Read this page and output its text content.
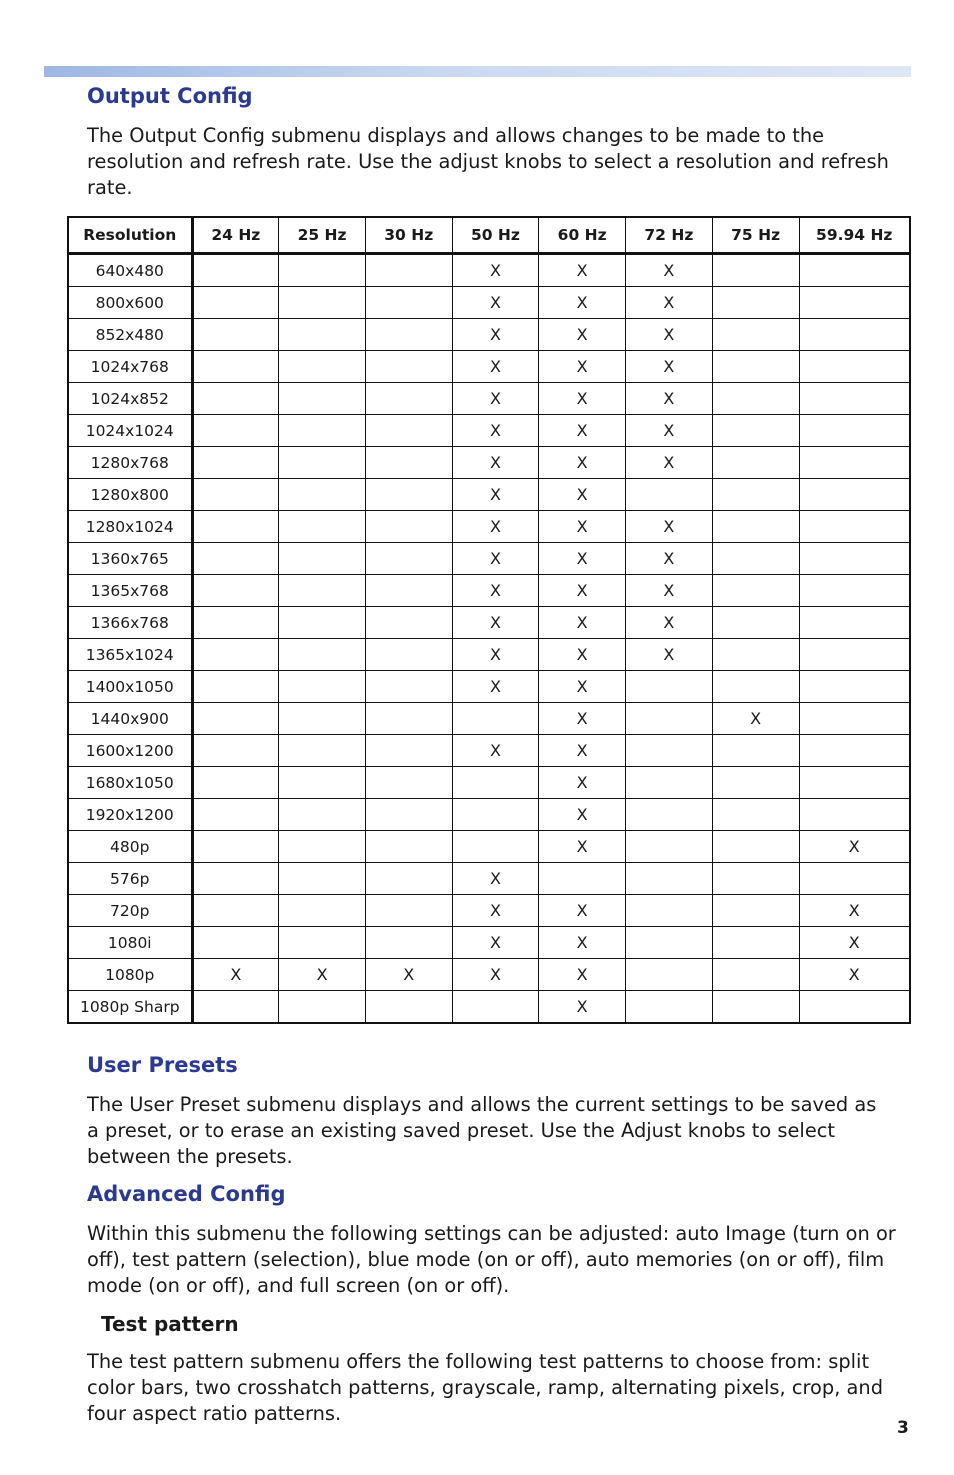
Output Config
The Output Config submenu displays and allows changes to be made to the resolution and refresh rate. Use the adjust knobs to select a resolution and refresh rate.
Resolution	24 Hz	25 Hz	30 Hz	50 Hz	60 Hz	72 Hz	75 Hz	59.94 Hz
640x480				X	X	X		
800x600				X	X	X		
852x480				X	X	X		
1024x768				X	X	X		
1024x852				X	X	X		
1024x1024				X	X	X		
1280x768				X	X	X		
1280x800				X	X			
1280x1024				X	X	X		
1360x765				X	X	X		
1365x768				X	X	X		
1366x768				X	X	X		
1365x1024				X	X	X		
1400x1050				X	X			
1440x900					X		X	
1600x1200				X	X			
1680x1050					X			
1920x1200					X			
480p					X			X
576p				X				
720p				X	X			X
1080i				X	X			X
1080p	X	X	X	X	X			X
1080p Sharp					X			
User Presets
The User Preset submenu displays and allows the current settings to be saved as a preset, or to erase an existing saved preset. Use the Adjust knobs to select between the presets.
Advanced Config
Within this submenu the following settings can be adjusted: auto Image (turn on or off), test pattern (selection), blue mode (on or off), auto memories (on or off), film mode (on or off), and full screen (on or off).
Test pattern
The test pattern submenu offers the following test patterns to choose from: split color bars, two crosshatch patterns, grayscale, ramp, alternating pixels, crop, and four aspect ratio patterns.
3
